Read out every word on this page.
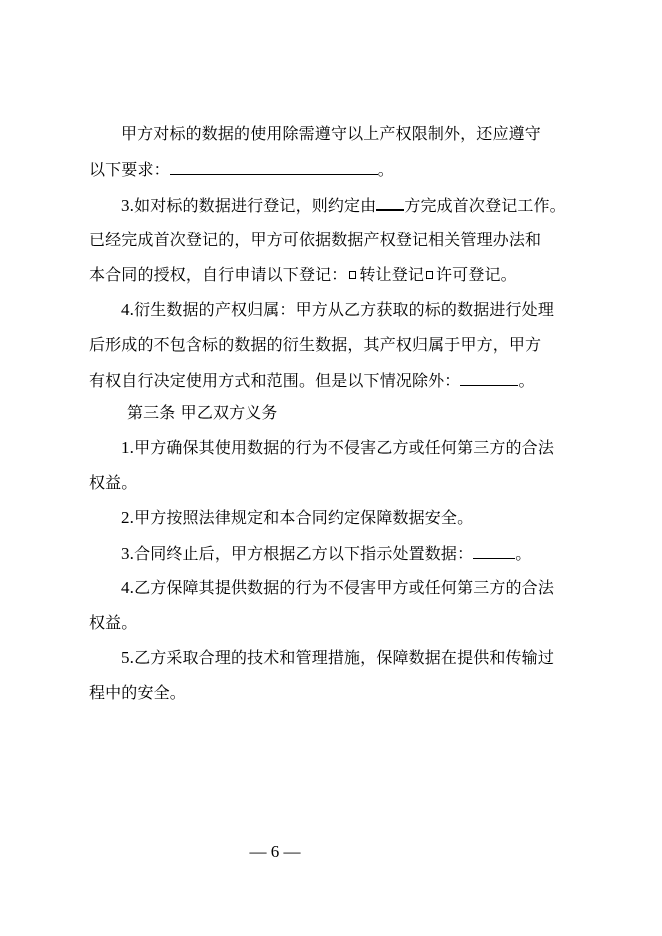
甲方对标的数据的使用除需遵守以上产权限制外，还应遵守
以下要求：	。
3.如对标的数据进行登记，则约定由 方完成首次登记工作。
已经完成首次登记的，甲方可依据数据产权登记相关管理办法和
本合同的授权，自行申请以下登记： 转让登记 许可登记。
4.衍生数据的产权归属：甲方从乙方获取的标的数据进行处理
后形成的不包含标的数据的衍生数据，其产权归属于甲方，甲方
有权自行决定使用方式和范围。但是以下情况除外：	。
第三条 甲乙双方义务
1.甲方确保其使用数据的行为不侵害乙方或任何第三方的合法
权益。
2.甲方按照法律规定和本合同约定保障数据安全。
3.合同终止后，甲方根据乙方以下指示处置数据：	。
4.乙方保障其提供数据的行为不侵害甲方或任何第三方的合法
权益。
5.乙方采取合理的技术和管理措施，保障数据在提供和传输过
程中的安全。
— 6 —
